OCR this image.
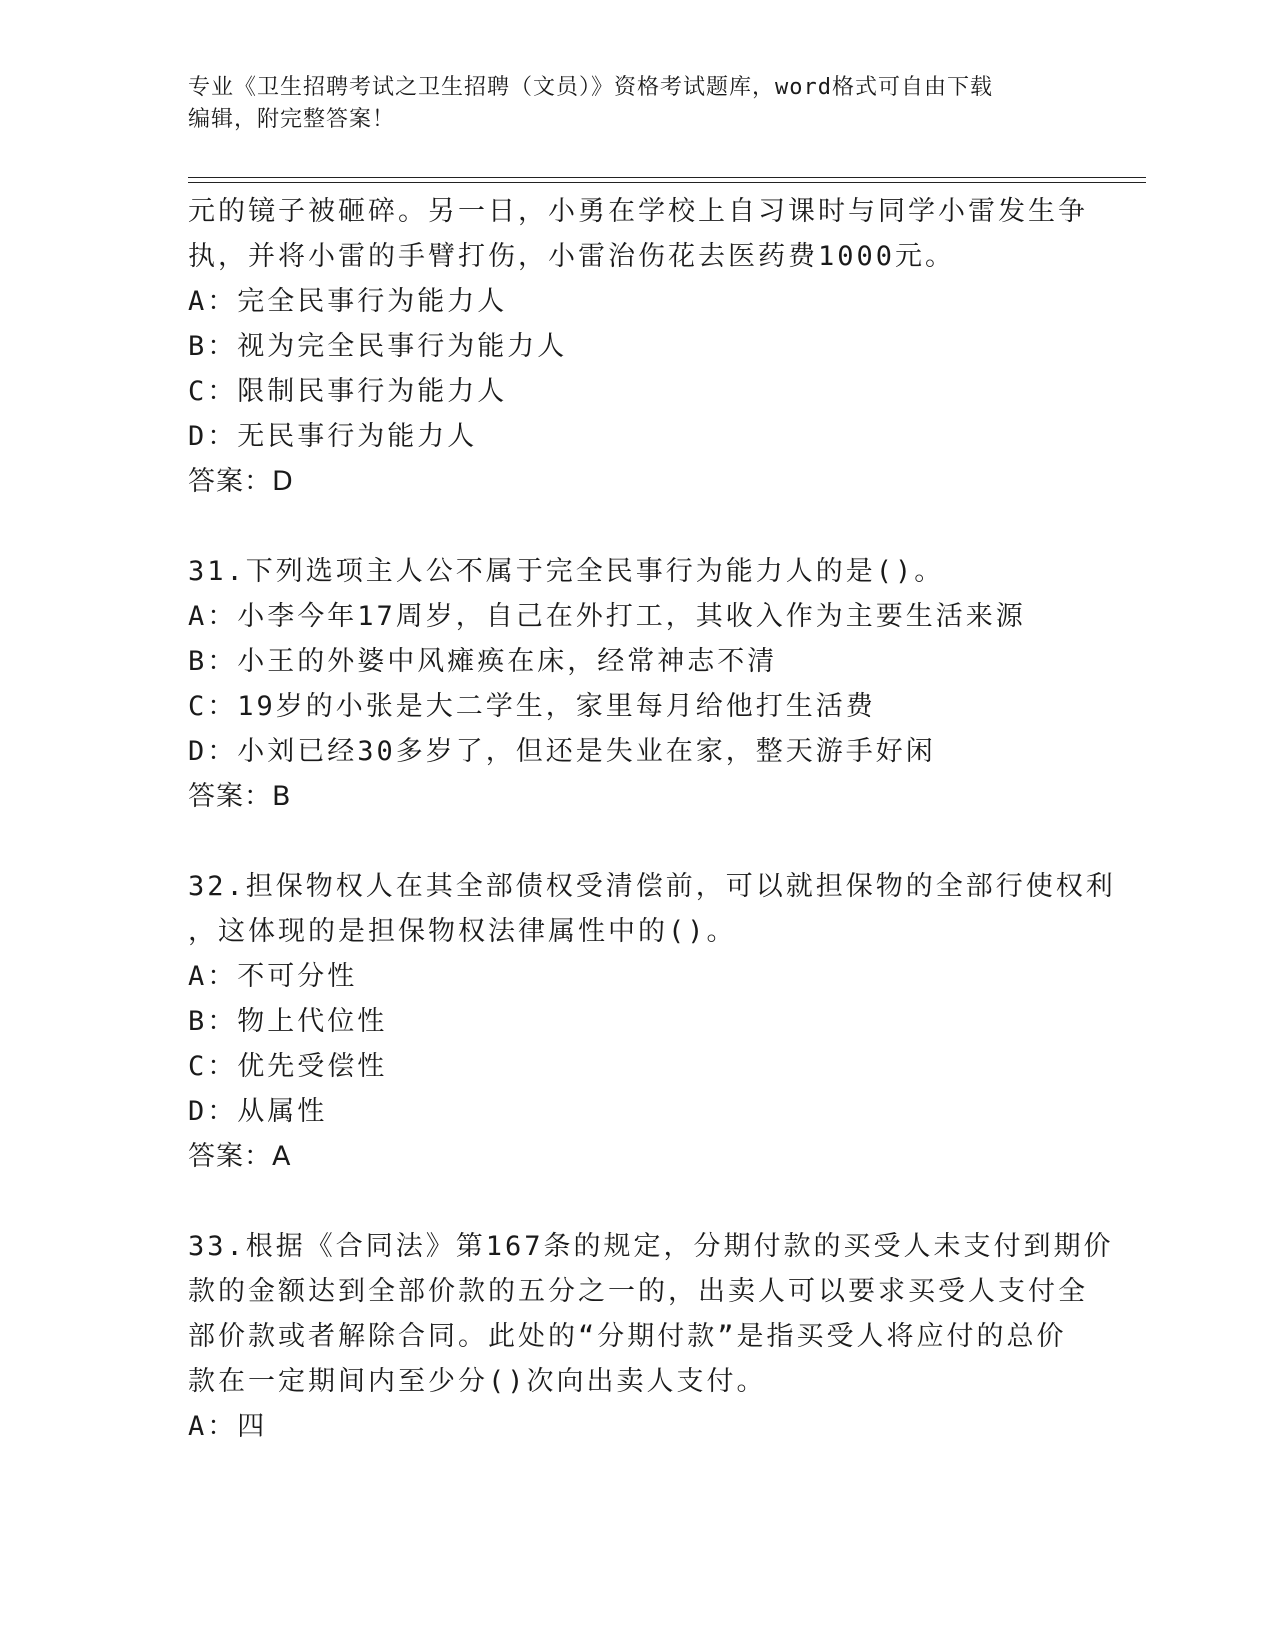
专业《卫生招聘考试之卫生招聘（文员）》资格考试题库，word格式可自由下载
编辑，附完整答案！
元的镜子被砸碎。另一日，小勇在学校上自习课时与同学小雷发生争
执，并将小雷的手臂打伤，小雷治伤花去医药费1000元。
A：完全民事行为能力人
B：视为完全民事行为能力人
C：限制民事行为能力人
D：无民事行为能力人
答案：D
31.下列选项主人公不属于完全民事行为能力人的是()。
A：小李今年17周岁，自己在外打工，其收入作为主要生活来源
B：小王的外婆中风瘫痪在床，经常神志不清
C：19岁的小张是大二学生，家里每月给他打生活费
D：小刘已经30多岁了，但还是失业在家，整天游手好闲
答案：B
32.担保物权人在其全部债权受清偿前，可以就担保物的全部行使权利
，这体现的是担保物权法律属性中的()。
A：不可分性
B：物上代位性
C：优先受偿性
D：从属性
答案：A
33.根据《合同法》第167条的规定，分期付款的买受人未支付到期价
款的金额达到全部价款的五分之一的，出卖人可以要求买受人支付全
部价款或者解除合同。此处的“分期付款”是指买受人将应付的总价
款在一定期间内至少分()次向出卖人支付。
A：四
